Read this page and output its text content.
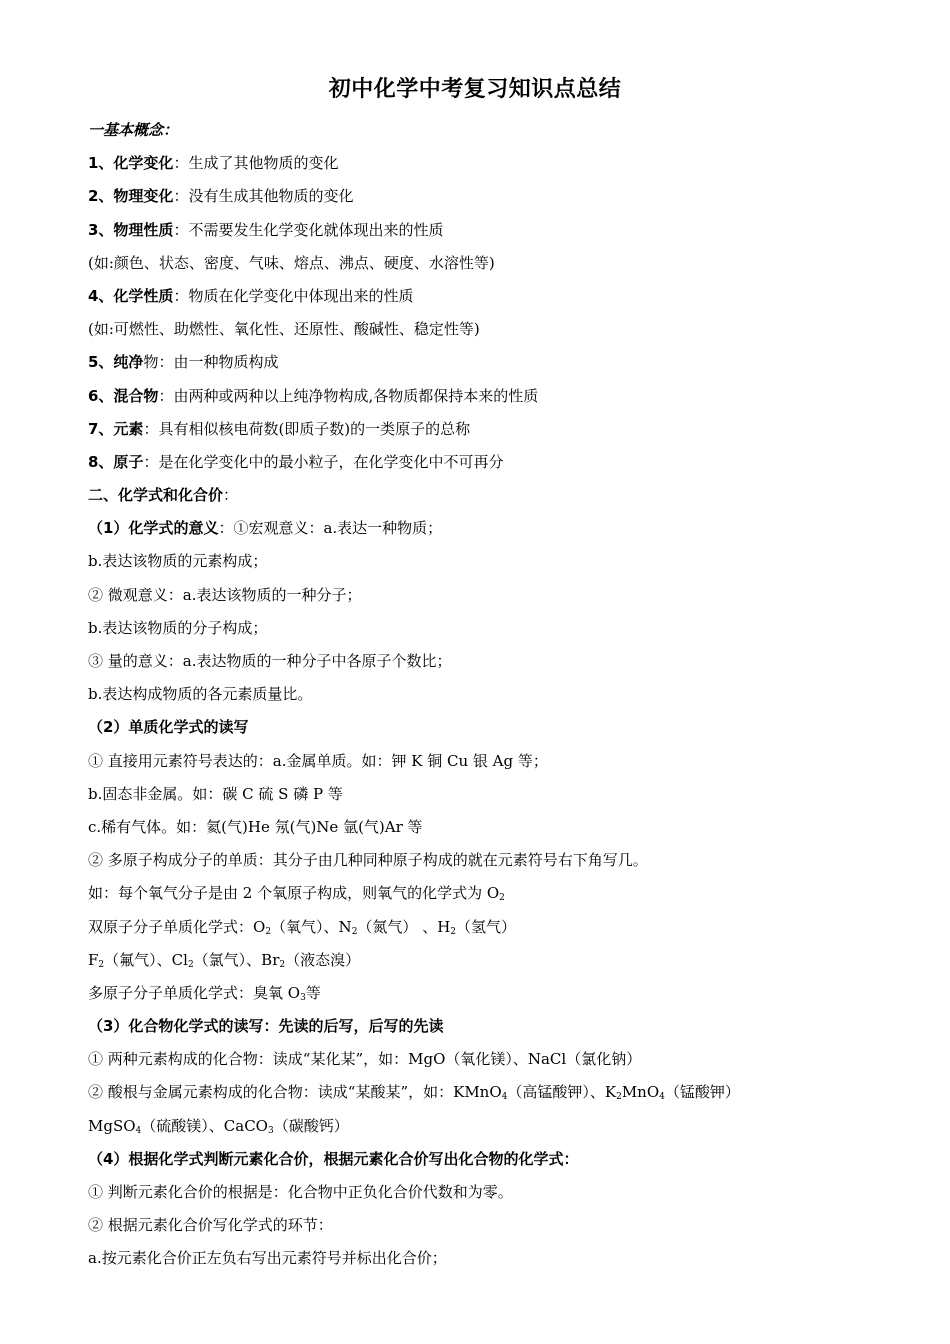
初中化学中考复习知识点总结
一基本概念：
1、化学变化：生成了其他物质的变化
2、物理变化：没有生成其他物质的变化
3、物理性质：不需要发生化学变化就体现出来的性质
(如:颜色、状态、密度、气味、熔点、沸点、硬度、水溶性等)
4、化学性质：物质在化学变化中体现出来的性质
(如:可燃性、助燃性、氧化性、还原性、酸碱性、稳定性等)
5、纯净物：由一种物质构成
6、混合物：由两种或两种以上纯净物构成,各物质都保持本来的性质
7、元素：具有相似核电荷数(即质子数)的一类原子的总称
8、原子：是在化学变化中的最小粒子，在化学变化中不可再分
二、化学式和化合价：
（1）化学式的意义：①宏观意义：a.表达一种物质；
b.表达该物质的元素构成；
② 微观意义：a.表达该物质的一种分子；
b.表达该物质的分子构成；
③ 量的意义：a.表达物质的一种分子中各原子个数比；
b.表达构成物质的各元素质量比。
（2）单质化学式的读写
① 直接用元素符号表达的：a.金属单质。如：钾 K 铜 Cu 银 Ag 等；
b.固态非金属。如：碳 C 硫 S 磷 P 等
c.稀有气体。如：氦(气)He 氖(气)Ne 氩(气)Ar 等
② 多原子构成分子的单质：其分子由几种同种原子构成的就在元素符号右下角写几。
如：每个氧气分子是由 2 个氧原子构成，则氧气的化学式为 $O_2$
双原子分子单质化学式：$O_2$（氧气）、$N_2$（氮气） 、$H_2$（氢气）
$F_2$（氟气）、$Cl_2$（氯气）、$Br_2$（液态溴）
多原子分子单质化学式：臭氧 $O_3$等
（3）化合物化学式的读写：先读的后写，后写的先读
① 两种元素构成的化合物：读成“某化某”，如：MgO（氧化镁）、NaCl（氯化钠）
② 酸根与金属元素构成的化合物：读成“某酸某”，如：KMnO$_4$（高锰酸钾）、$K_2MnO_4$（锰酸钾）
MgSO$_4$（硫酸镁）、CaCO$_3$（碳酸钙）
（4）根据化学式判断元素化合价，根据元素化合价写出化合物的化学式：
① 判断元素化合价的根据是：化合物中正负化合价代数和为零。
② 根据元素化合价写化学式的环节：
a.按元素化合价正左负右写出元素符号并标出化合价；
